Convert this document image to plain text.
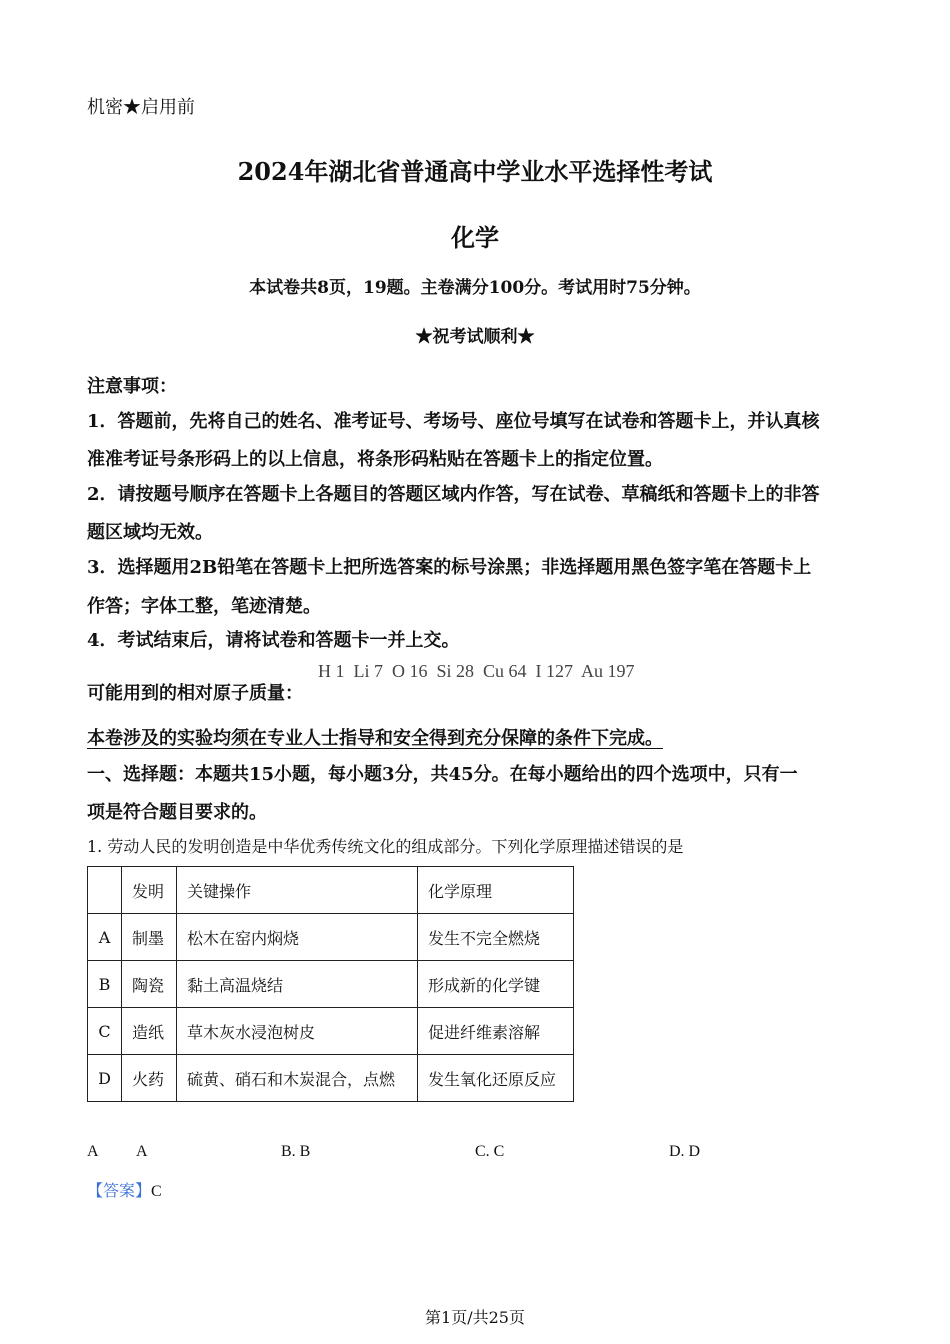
机密★启用前
2024年湖北省普通高中学业水平选择性考试
化学
本试卷共8页，19题。主卷满分100分。考试用时75分钟。
★祝考试顺利★
注意事项：
1．答题前，先将自己的姓名、准考证号、考场号、座位号填写在试卷和答题卡上，并认真核
准准考证号条形码上的以上信息，将条形码粘贴在答题卡上的指定位置。
2．请按题号顺序在答题卡上各题目的答题区域内作答，写在试卷、草稿纸和答题卡上的非答
题区域均无效。
3．选择题用2B铅笔在答题卡上把所选答案的标号涂黑；非选择题用黑色签字笔在答题卡上
作答；字体工整，笔迹清楚。
4．考试结束后，请将试卷和答题卡一并上交。
可能用到的相对原子质量：
H 1  Li 7  O 16  Si 28  Cu 64  I 127  Au 197
本卷涉及的实验均须在专业人士指导和安全得到充分保障的条件下完成。
一、选择题：本题共15小题，每小题3分，共45分。在每小题给出的四个选项中，只有一
项是符合题目要求的。
1. 劳动人民的发明创造是中华优秀传统文化的组成部分。下列化学原理描述错误的是
	发明	关键操作	化学原理
A	制墨	松木在窑内焖烧	发生不完全燃烧
B	陶瓷	黏土高温烧结	形成新的化学键
C	造纸	草木灰水浸泡树皮	促进纤维素溶解
D	火药	硫黄、硝石和木炭混合，点燃	发生氧化还原反应
A A	B. B	C. C	D. D
【答案】C
第1页/共25页
